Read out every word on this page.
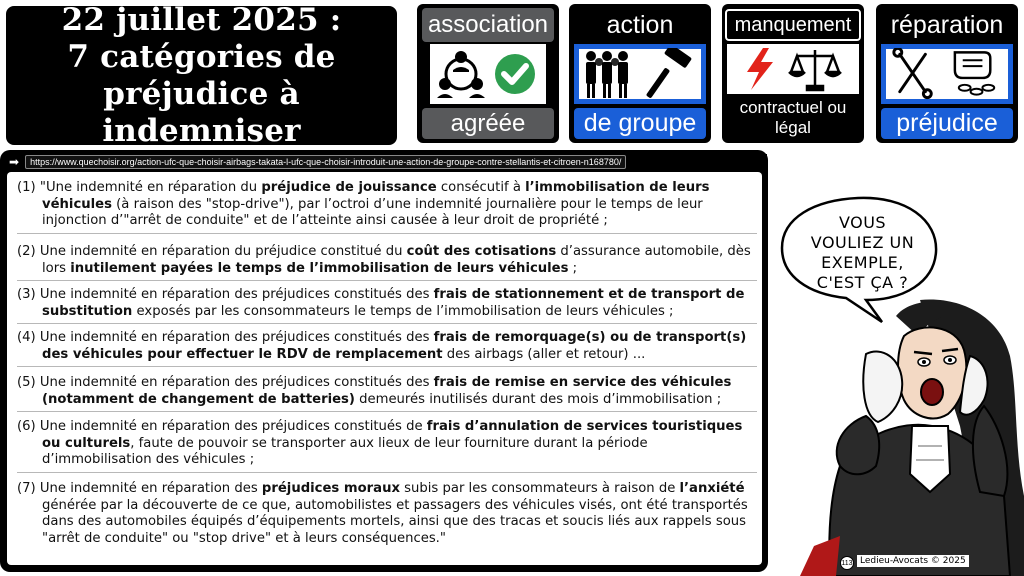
22 juillet 2025 :
7 catégories de
préjudice à indemniser
association
agréée
action
de groupe
manquement
contractuel ou légal
réparation
préjudice
➡	https://www.quechoisir.org/action-ufc-que-choisir-airbags-takata-l-ufc-que-choisir-introduit-une-action-de-groupe-contre-stellantis-et-citroen-n168780/
(1) "Une indemnité en réparation du préjudice de jouissance consécutif à l’immobilisation de leurs véhicules (à raison des "stop-drive"), par l’octroi d’une indemnité journalière pour le temps de leur injonction d’"arrêt de conduite" et de l’atteinte ainsi causée à leur droit de propriété ;
(2) Une indemnité en réparation du préjudice constitué du coût des cotisations d’assurance automobile, dès lors inutilement payées le temps de l’immobilisation de leurs véhicules ;
(3) Une indemnité en réparation des préjudices constitués des frais de stationnement et de transport de substitution exposés par les consommateurs le temps de l’immobilisation de leurs véhicules ;
(4) Une indemnité en réparation des préjudices constitués des frais de remorquage(s) ou de transport(s) des véhicules pour effectuer le RDV de remplacement des airbags (aller et retour) ...
(5) Une indemnité en réparation des préjudices constitués des frais de remise en service des véhicules (notamment de changement de batteries) demeurés inutilisés durant des mois d’immobilisation ;
(6) Une indemnité en réparation des préjudices constitués de frais d’annulation de services touristiques ou culturels, faute de pouvoir se transporter aux lieux de leur fourniture durant la période d’immobilisation des véhicules ;
(7) Une indemnité en réparation des préjudices moraux subis par les consommateurs à raison de l’anxiété générée par la découverte de ce que, automobilistes et passagers des véhicules visés, ont été transportés dans des automobiles équipés d’équipements mortels, ainsi que des tracas et soucis liés aux rappels sous "arrêt de conduite" ou "stop drive" et à leurs conséquences."
VOUS
VOULIEZ UN
EXEMPLE,
C'EST ÇA ?
113 Ledieu-Avocats © 2025
